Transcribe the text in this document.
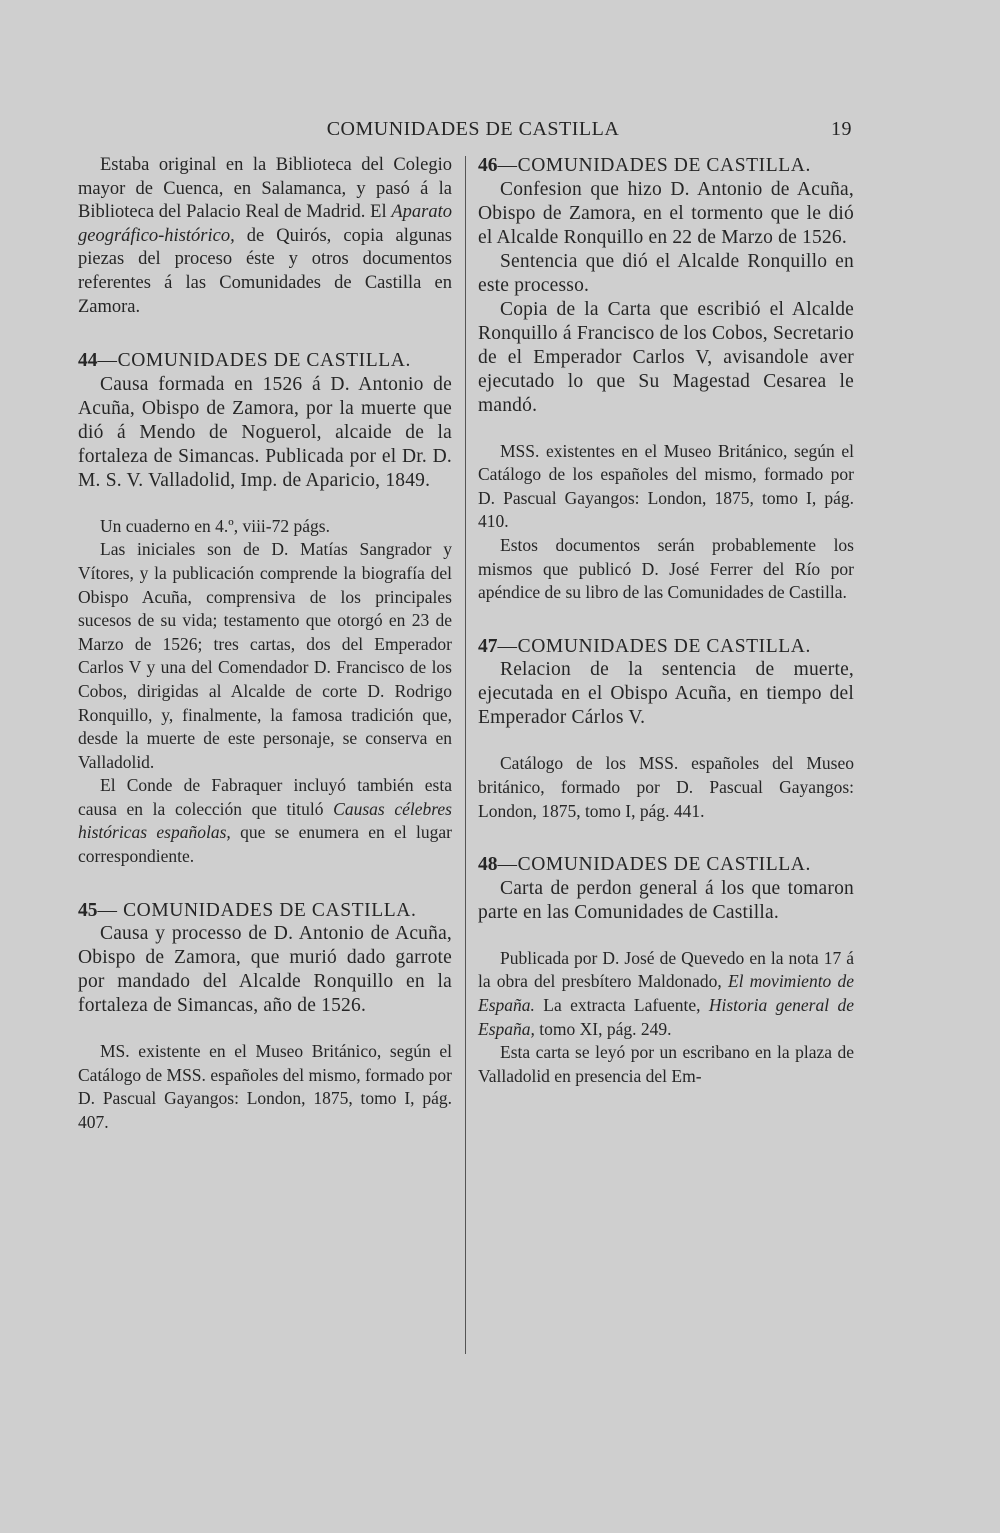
COMUNIDADES DE CASTILLA	19

Estaba original en la Biblioteca del Colegio mayor de Cuenca, en Salamanca, y pasó á la Biblioteca del Palacio Real de Madrid. El Aparato geográfico-histórico, de Quirós, copia algunas piezas del proceso éste y otros documentos referentes á las Comunidades de Castilla en Zamora.

44—COMUNIDADES DE CASTILLA.

Causa formada en 1526 á D. Antonio de Acuña, Obispo de Zamora, por la muerte que dió á Mendo de Noguerol, alcaide de la fortaleza de Simancas. Publicada por el Dr. D. M. S. V. Valladolid, Imp. de Aparicio, 1849.

Un cuaderno en 4.º, viii-72 págs.

Las iniciales son de D. Matías Sangrador y Vítores, y la publicación comprende la biografía del Obispo Acuña, comprensiva de los principales sucesos de su vida; testamento que otorgó en 23 de Marzo de 1526; tres cartas, dos del Emperador Carlos V y una del Comendador D. Francisco de los Cobos, dirigidas al Alcalde de corte D. Rodrigo Ronquillo, y, finalmente, la famosa tradición que, desde la muerte de este personaje, se conserva en Valladolid.

El Conde de Fabraquer incluyó también esta causa en la colección que tituló Causas célebres históricas españolas, que se enumera en el lugar correspondiente.

45— COMUNIDADES DE CASTILLA.

Causa y processo de D. Antonio de Acuña, Obispo de Zamora, que murió dado garrote por mandado del Alcalde Ronquillo en la fortaleza de Simancas, año de 1526.

MS. existente en el Museo Británico, según el Catálogo de MSS. españoles del mismo, formado por D. Pascual Gayangos: London, 1875, tomo I, pág. 407.

46—COMUNIDADES DE CASTILLA.

Confesion que hizo D. Antonio de Acuña, Obispo de Zamora, en el tormento que le dió el Alcalde Ronquillo en 22 de Marzo de 1526.

Sentencia que dió el Alcalde Ronquillo en este processo.

Copia de la Carta que escribió el Alcalde Ronquillo á Francisco de los Cobos, Secretario de el Emperador Carlos V, avisandole aver ejecutado lo que Su Magestad Cesarea le mandó.

MSS. existentes en el Museo Británico, según el Catálogo de los españoles del mismo, formado por D. Pascual Gayangos: London, 1875, tomo I, pág. 410.

Estos documentos serán probablemente los mismos que publicó D. José Ferrer del Río por apéndice de su libro de las Comunidades de Castilla.

47—COMUNIDADES DE CASTILLA.

Relacion de la sentencia de muerte, ejecutada en el Obispo Acuña, en tiempo del Emperador Cárlos V.

Catálogo de los MSS. españoles del Museo británico, formado por D. Pascual Gayangos: London, 1875, tomo I, pág. 441.

48—COMUNIDADES DE CASTILLA.

Carta de perdon general á los que tomaron parte en las Comunidades de Castilla.

Publicada por D. José de Quevedo en la nota 17 á la obra del presbítero Maldonado, El movimiento de España. La extracta Lafuente, Historia general de España, tomo XI, pág. 249.

Esta carta se leyó por un escribano en la plaza de Valladolid en presencia del Em-
